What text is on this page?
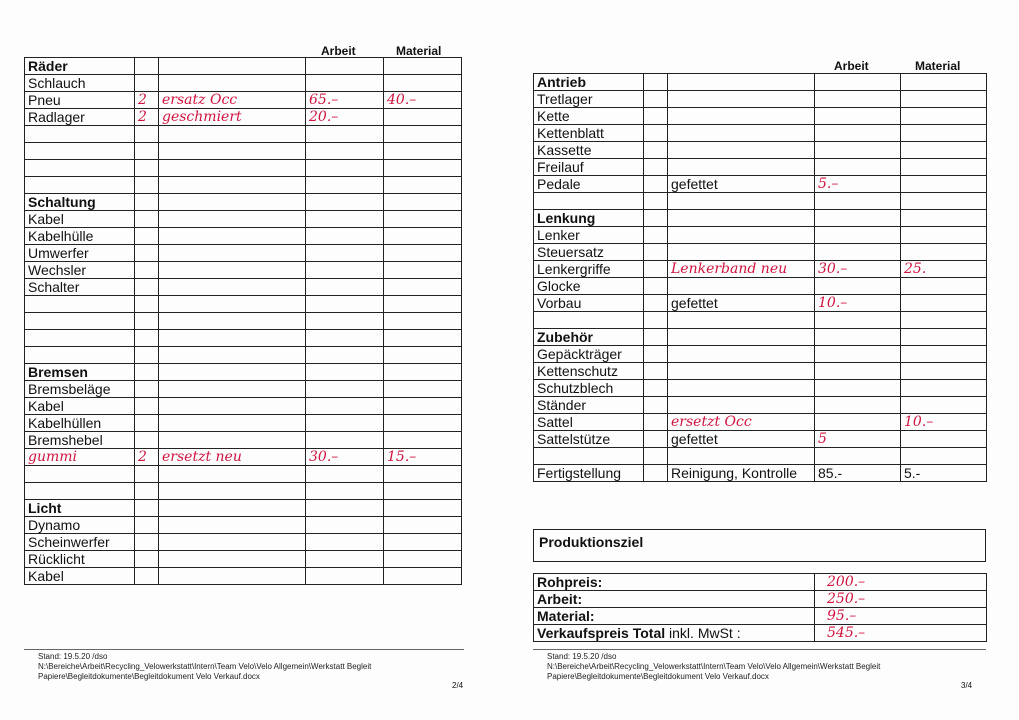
Arbeit	Material
Räder				
Schlauch				
Pneu	2	ersatz Occ	65.–	40.–
Radlager	2	geschmiert	20.–	

Schaltung				
Kabel				
Kabelhülle				
Umwerfer				
Wechsler				
Schalter				

Bremsen				
Bremsbeläge				
Kabel				
Kabelhüllen				
Bremshebel				
gummi	2	ersetzt neu	30.–	15.–

Licht				
Dynamo				
Scheinwerfer				
Rücklicht				
Kabel				
Stand: 19.5.20 /dso
N:\Bereiche\Arbeit\Recycling_Velowerkstatt\Intern\Team Velo\Velo Allgemein\Werkstatt Begleit
Papiere\Begleitdokumente\Begleitdokument Velo Verkauf.docx
2/4
Arbeit	Material
Antrieb				
Tretlager				
Kette				
Kettenblatt				
Kassette				
Freilauf				
Pedale		gefettet	5.–	

Lenkung				
Lenker				
Steuersatz				
Lenkergriffe		Lenkerband neu	30.–	25.
Glocke				
Vorbau		gefettet	10.–	

Zubehör				
Gepäckträger				
Kettenschutz				
Schutzblech				
Ständer				
Sattel		ersetzt Occ		10.–
Sattelstütze		gefettet	5	

Fertigstellung		Reinigung, Kontrolle	85.-	5.-
Produktionsziel
Rohpreis:	200.–
Arbeit:	250.–
Material:	95.–
Verkaufspreis Total inkl. MwSt :	545.–
Stand: 19.5.20 /dso
N:\Bereiche\Arbeit\Recycling_Velowerkstatt\Intern\Team Velo\Velo Allgemein\Werkstatt Begleit
Papiere\Begleitdokumente\Begleitdokument Velo Verkauf.docx
3/4
